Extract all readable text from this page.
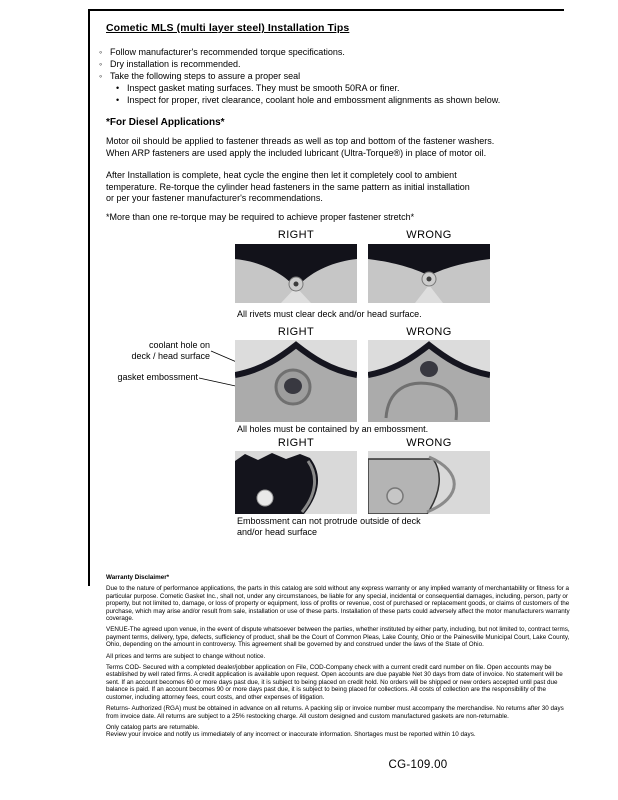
Cometic MLS (multi layer steel) Installation Tips
◦ Follow manufacturer's recommended torque specifications.
◦ Dry installation is recommended.
◦ Take the following steps to assure a proper seal
• Inspect gasket mating surfaces. They must be smooth 50RA or finer.
• Inspect for proper, rivet clearance, coolant hole and embossment alignments as shown below.
*For Diesel Applications*
Motor oil should be applied to fastener threads as well as top and bottom of the fastener washers.
When ARP fasteners are used apply the included lubricant (Ultra-Torque®) in place of motor oil.
After Installation is complete, heat cycle the engine then let it completely cool to ambient
temperature. Re-torque the cylinder head fasteners in the same pattern as initial installation
or per your fastener manufacturer's recommendations.
*More than one re-torque may be required to achieve proper fastener stretch*
RIGHT	WRONG
All rivets must clear deck and/or head surface.
RIGHT	WRONG
coolant hole on
deck / head surface
gasket embossment
All holes must be contained by an embossment.
RIGHT	WRONG
Embossment can not protrude outside of deck
and/or head surface
Warranty Disclaimer*

Due to the nature of performance applications, the parts in this catalog are sold without any express warranty or any implied warranty of merchantability or fitness for a particular purpose. Cometic Gasket Inc., shall not, under any circumstances, be liable for any special, incidental or consequential damages, including, person, party or property, but not limited to, damage, or loss of property or equipment, loss of profits or revenue, cost of purchased or replacement goods, or claims of customers of the purchase, which may arise and/or result from sale, installation or use of these parts. Installation of these parts could adversely affect the motor manufacturers warranty coverage.

VENUE-The agreed upon venue, in the event of dispute whatsoever between the parties, whether instituted by either party, including, but not limited to, contract terms, payment terms, delivery, type, defects, sufficiency of product, shall be the Court of Common Pleas, Lake County, Ohio or the Painesville Municipal Court, Lake County, Ohio, depending on the amount in controversy. This agreement shall be governed by and construed under the laws of the State of Ohio.

All prices and terms are subject to change without notice.

Terms COD- Secured with a completed dealer/jobber application on File, COD-Company check with a current credit card number on file. Open accounts may be established by well rated firms. A credit application is available upon request. Open accounts are due payable Net 30 days from date of invoice. No statement will be sent. If an account becomes 60 or more days past due, it is subject to being placed on credit hold. No orders will be shipped or new orders accepted until past due balance is paid. If an account becomes 90 or more days past due, it is subject to being placed for collections. All costs of collection are the responsibility of the customer, including attorney fees, court costs, and other expenses of litigation.

Returns- Authorized (RGA) must be obtained in advance on all returns. A packing slip or invoice number must accompany the merchandise. No returns after 30 days from invoice date. All returns are subject to a 25% restocking charge. All custom designed and custom manufactured gaskets are non-returnable.

Only catalog parts are returnable.

Review your invoice and notify us immediately of any incorrect or inaccurate information. Shortages must be reported within 10 days.

CG-109.00
